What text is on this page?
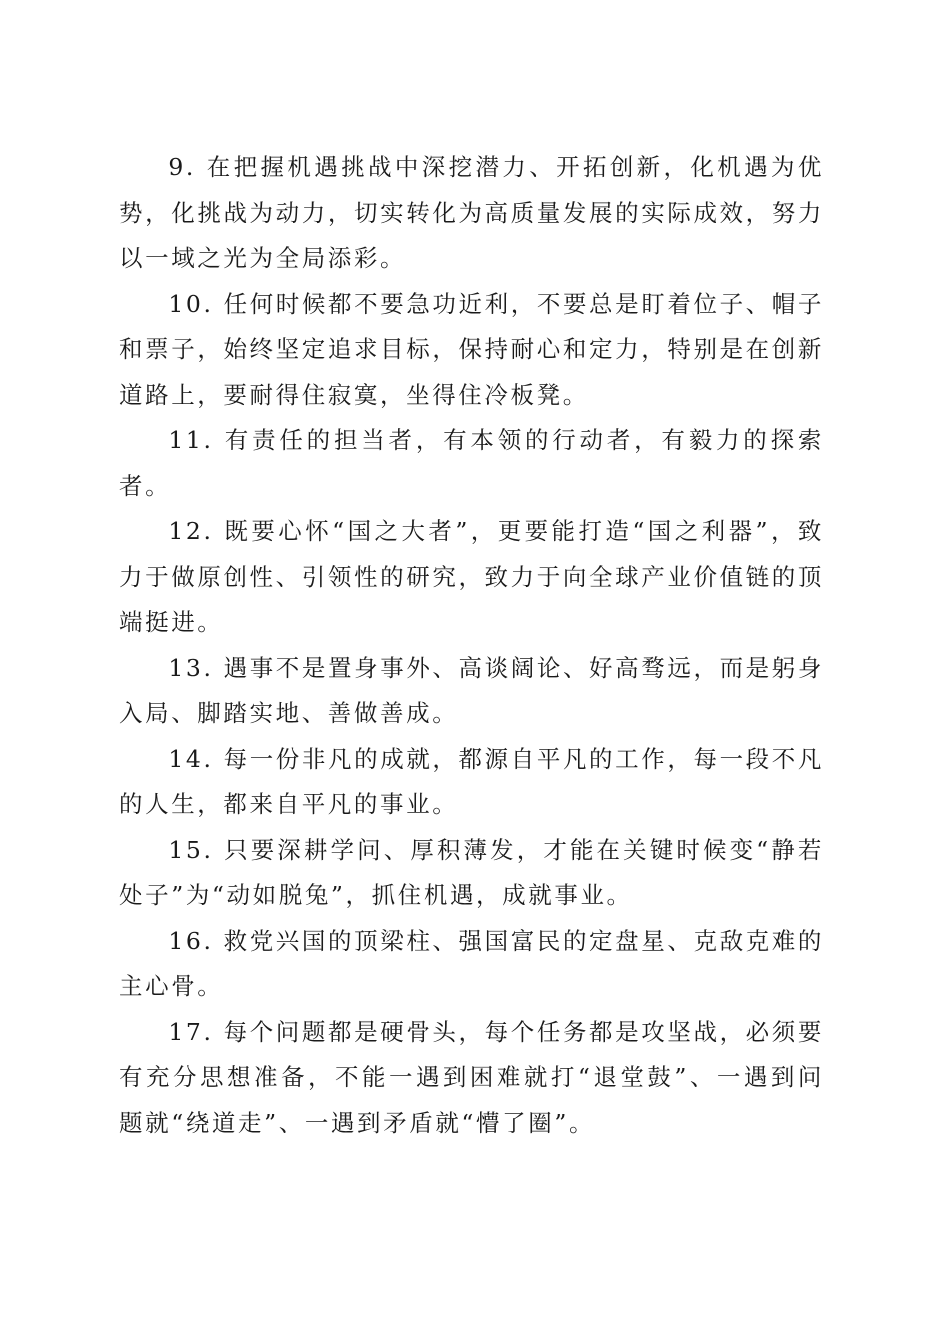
9. 在把握机遇挑战中深挖潜力、开拓创新，化机遇为优势，化挑战为动力，切实转化为高质量发展的实际成效，努力以一域之光为全局添彩。

10. 任何时候都不要急功近利，不要总是盯着位子、帽子和票子，始终坚定追求目标，保持耐心和定力，特别是在创新道路上，要耐得住寂寞，坐得住冷板凳。

11. 有责任的担当者，有本领的行动者，有毅力的探索者。

12. 既要心怀“国之大者”，更要能打造“国之利器”，致力于做原创性、引领性的研究，致力于向全球产业价值链的顶端挺进。

13. 遇事不是置身事外、高谈阔论、好高骛远，而是躬身入局、脚踏实地、善做善成。

14. 每一份非凡的成就，都源自平凡的工作，每一段不凡的人生，都来自平凡的事业。

15. 只要深耕学问、厚积薄发，才能在关键时候变“静若处子”为“动如脱兔”，抓住机遇，成就事业。

16. 救党兴国的顶梁柱、强国富民的定盘星、克敌克难的主心骨。

17. 每个问题都是硬骨头，每个任务都是攻坚战，必须要有充分思想准备，不能一遇到困难就打“退堂鼓”、一遇到问题就“绕道走”、一遇到矛盾就“懵了圈”。
